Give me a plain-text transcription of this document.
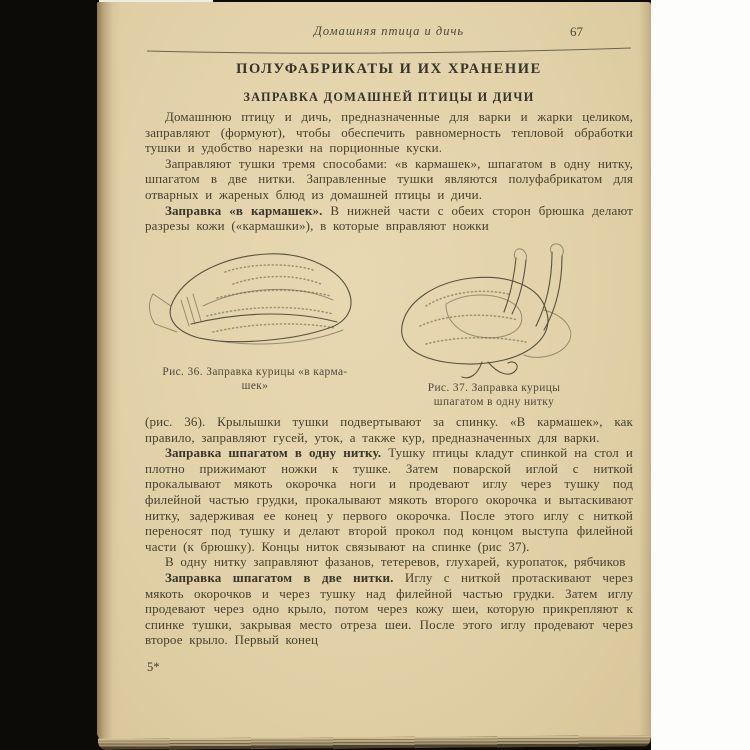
Домашняя птица и дичь	67
ПОЛУФАБРИКАТЫ И ИХ ХРАНЕНИЕ
ЗАПРАВКА ДОМАШНЕЙ ПТИЦЫ И ДИЧИ

Домашнюю птицу и дичь, предназначенные для варки и жарки целиком, заправляют (формуют), чтобы обеспечить равномерность тепловой обработки тушки и удобство нарезки на порционные куски.

Заправляют тушки тремя способами: «в кармашек», шпагатом в одну нитку, шпагатом в две нитки. Заправленные тушки являются полуфабрикатом для отварных и жареных блюд из домашней птицы и дичи.

Заправка «в кармашек». В нижней части с обеих сторон брюшка делают разрезы кожи («кармашки»), в которые вправляют ножки

Рис. 36. Заправка курицы «в карма-
шек»	Рис. 37. Заправка курицы
шпагатом в одну нитку

(рис. 36). Крылышки тушки подвертывают за спинку. «В кармашек», как правило, заправляют гусей, уток, а также кур, предназначенных для варки.

Заправка шпагатом в одну нитку. Тушку птицы кладут спинкой на стол и плотно прижимают ножки к тушке. Затем поварской иглой с ниткой прокалывают мякоть окорочка ноги и продевают иглу через тушку под филейной частью грудки, прокалывают мякоть второго окорочка и вытаскивают нитку, задерживая ее конец у первого окорочка. После этого иглу с ниткой переносят под тушку и делают второй прокол под концом выступа филейной части (к брюшку). Концы ниток связывают на спинке (рис 37).

В одну нитку заправляют фазанов, тетеревов, глухарей, куропаток, рябчиков

Заправка шпагатом в две нитки. Иглу с ниткой протаскивают через мякоть окорочков и через тушку над филейной частью грудки. Затем иглу продевают через одно крыло, потом через кожу шеи, которую прикрепляют к спинке тушки, закрывая место отреза шеи. После этого иглу продевают через второе крыло. Первый конец

5*
